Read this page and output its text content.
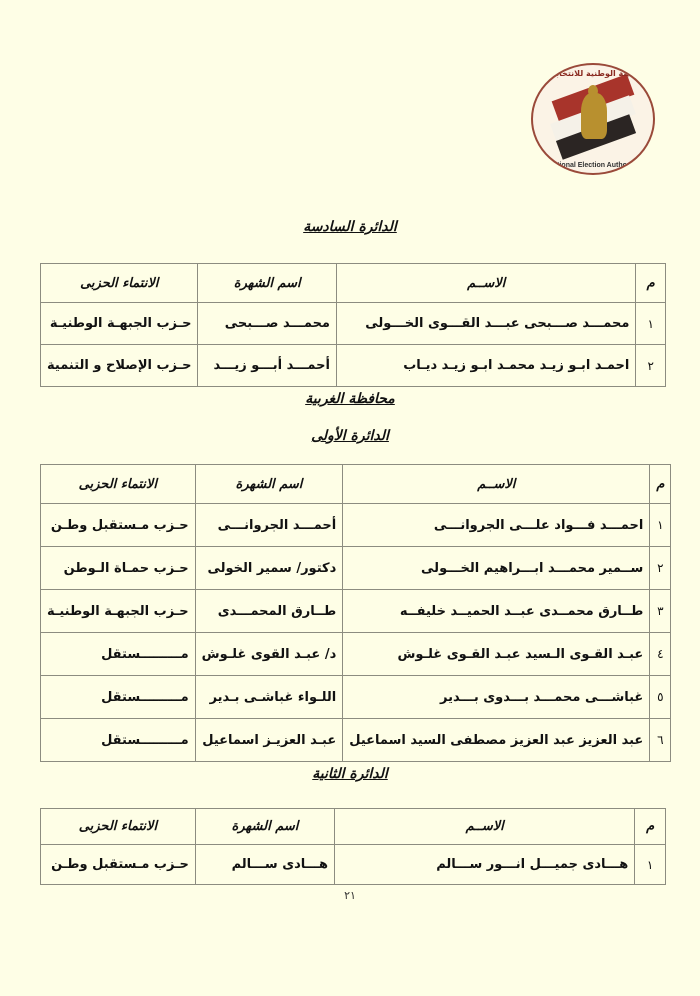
الهيئة الوطنية للانتخابات
National Election Authority
الدائرة السادسة
م	الاســم	اسم الشهرة	الانتماء الحزبى
١	محمـــد صـــبحى عبـــد القـــوى الخـــولى	محمـــد صـــبحى	حـزب الجبهـة الوطنيـة
٢	احمـد ابـو زيـد محمـد ابـو زيـد ديـاب	أحمـــد أبـــو زيـــد	حـزب الإصلاح و التنمية
محافظة الغربية
الدائرة الأولى
م	الاســم	اسم الشهرة	الانتماء الحزبى
١	احمـــد فـــواد علـــى الجروانـــى	أحمـــد الجروانـــى	حـزب مـستقبل وطـن
٢	ســمير محمـــد ابـــراهيم الخـــولى	دكتور/ سمير الخولى	حـزب حمـاة الـوطن
٣	طــارق محمــدى عبــد الحميــد خليفــه	طــارق المحمـــدى	حـزب الجبهـة الوطنيـة
٤	عبـد القـوى الـسيد عبـد القـوى غلـوش	د/ عبـد القوى غلـوش	مـــــــــستقل
٥	غباشـــى محمـــد بـــدوى بـــدير	اللـواء غباشـى بـدير	مـــــــــستقل
٦	عبد العزيز عبد العزيز مصطفى السيد اسماعيل	عبـد العزيـز اسماعيل	مـــــــــستقل
الدائرة الثانية
م	الاســم	اسم الشهرة	الانتماء الحزبى
١	هـــادى جميـــل انـــور ســـالم	هـــادى ســـالم	حـزب مـستقبل وطـن
٢١
